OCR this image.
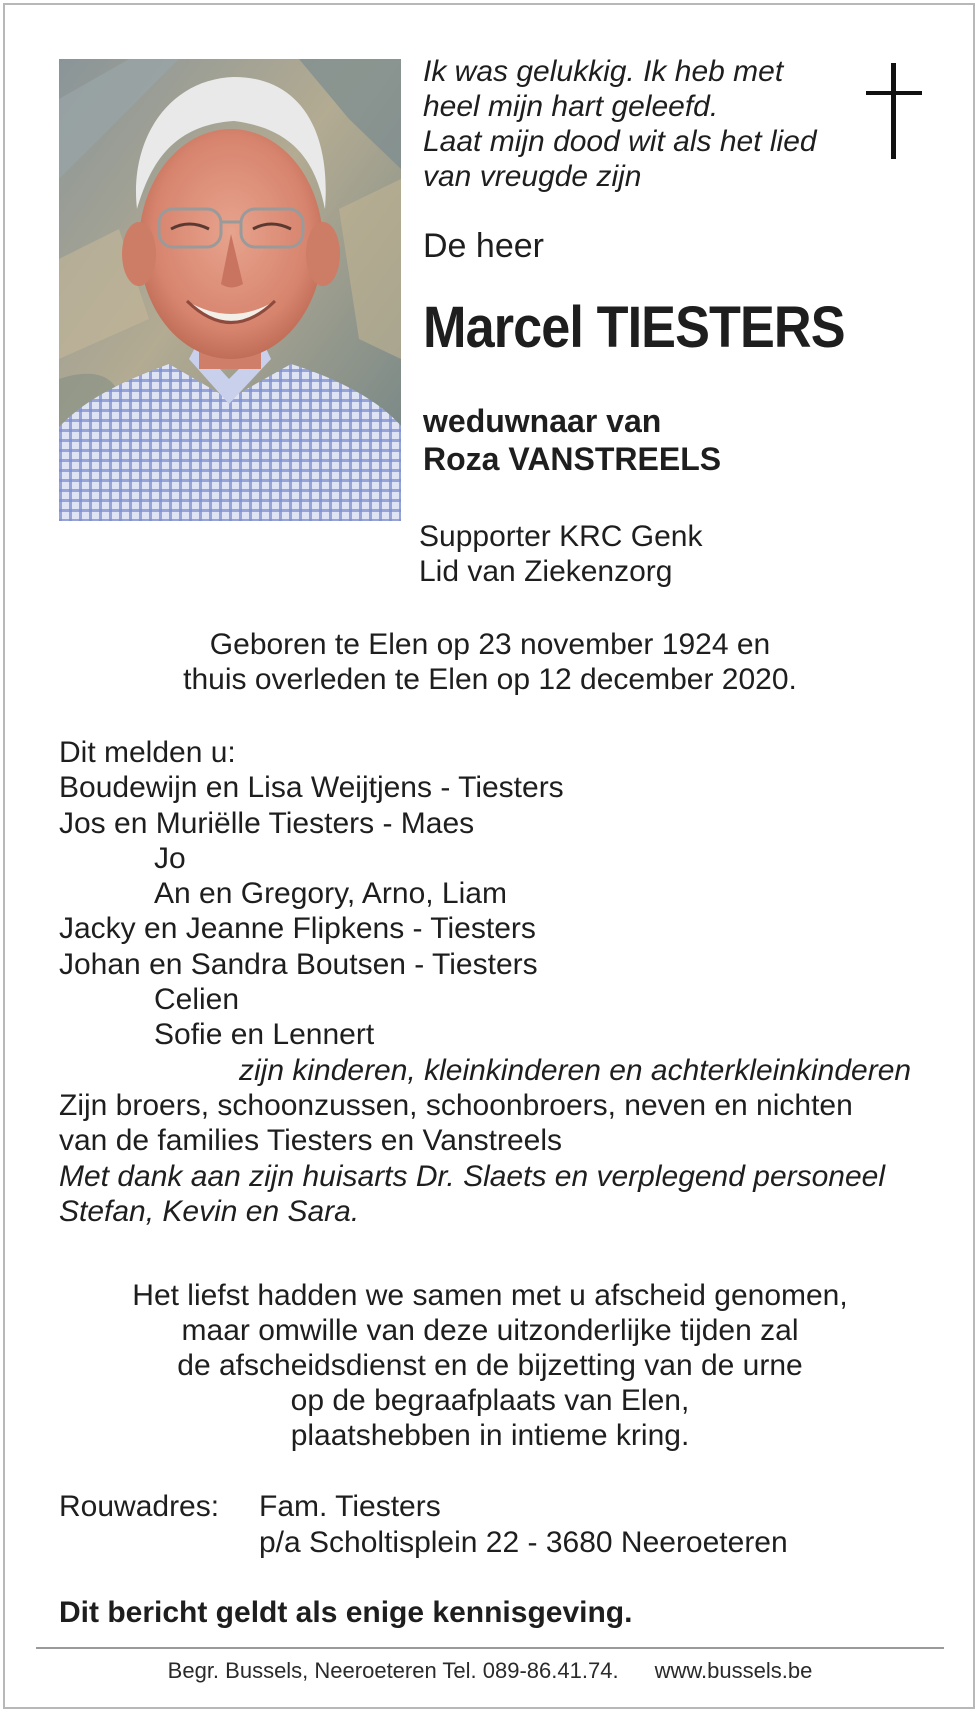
Ik was gelukkig. Ik heb met
heel mijn hart geleefd.
Laat mijn dood wit als het lied
van vreugde zijn
De heer
Marcel TIESTERS
weduwnaar van
Roza VANSTREELS
Supporter KRC Genk
Lid van Ziekenzorg
Geboren te Elen op 23 november 1924 en
thuis overleden te Elen op 12 december 2020.
Dit melden u:
Boudewijn en Lisa Weijtjens - Tiesters
Jos en Muriëlle Tiesters - Maes
Jo
An en Gregory, Arno, Liam
Jacky en Jeanne Flipkens - Tiesters
Johan en Sandra Boutsen - Tiesters
Celien
Sofie en Lennert
zijn kinderen, kleinkinderen en achterkleinkinderen
Zijn broers, schoonzussen, schoonbroers, neven en nichten
van de families Tiesters en Vanstreels
Met dank aan zijn huisarts Dr. Slaets en verplegend personeel
Stefan, Kevin en Sara.
Het liefst hadden we samen met u afscheid genomen,
maar omwille van deze uitzonderlijke tijden zal
de afscheidsdienst en de bijzetting van de urne
op de begraafplaats van Elen,
plaatshebben in intieme kring.
Rouwadres: Fam. Tiesters
p/a Scholtisplein 22 - 3680 Neeroeteren
Dit bericht geldt als enige kennisgeving.
Begr. Bussels, Neeroeteren Tel. 089-86.41.74. www.bussels.be
